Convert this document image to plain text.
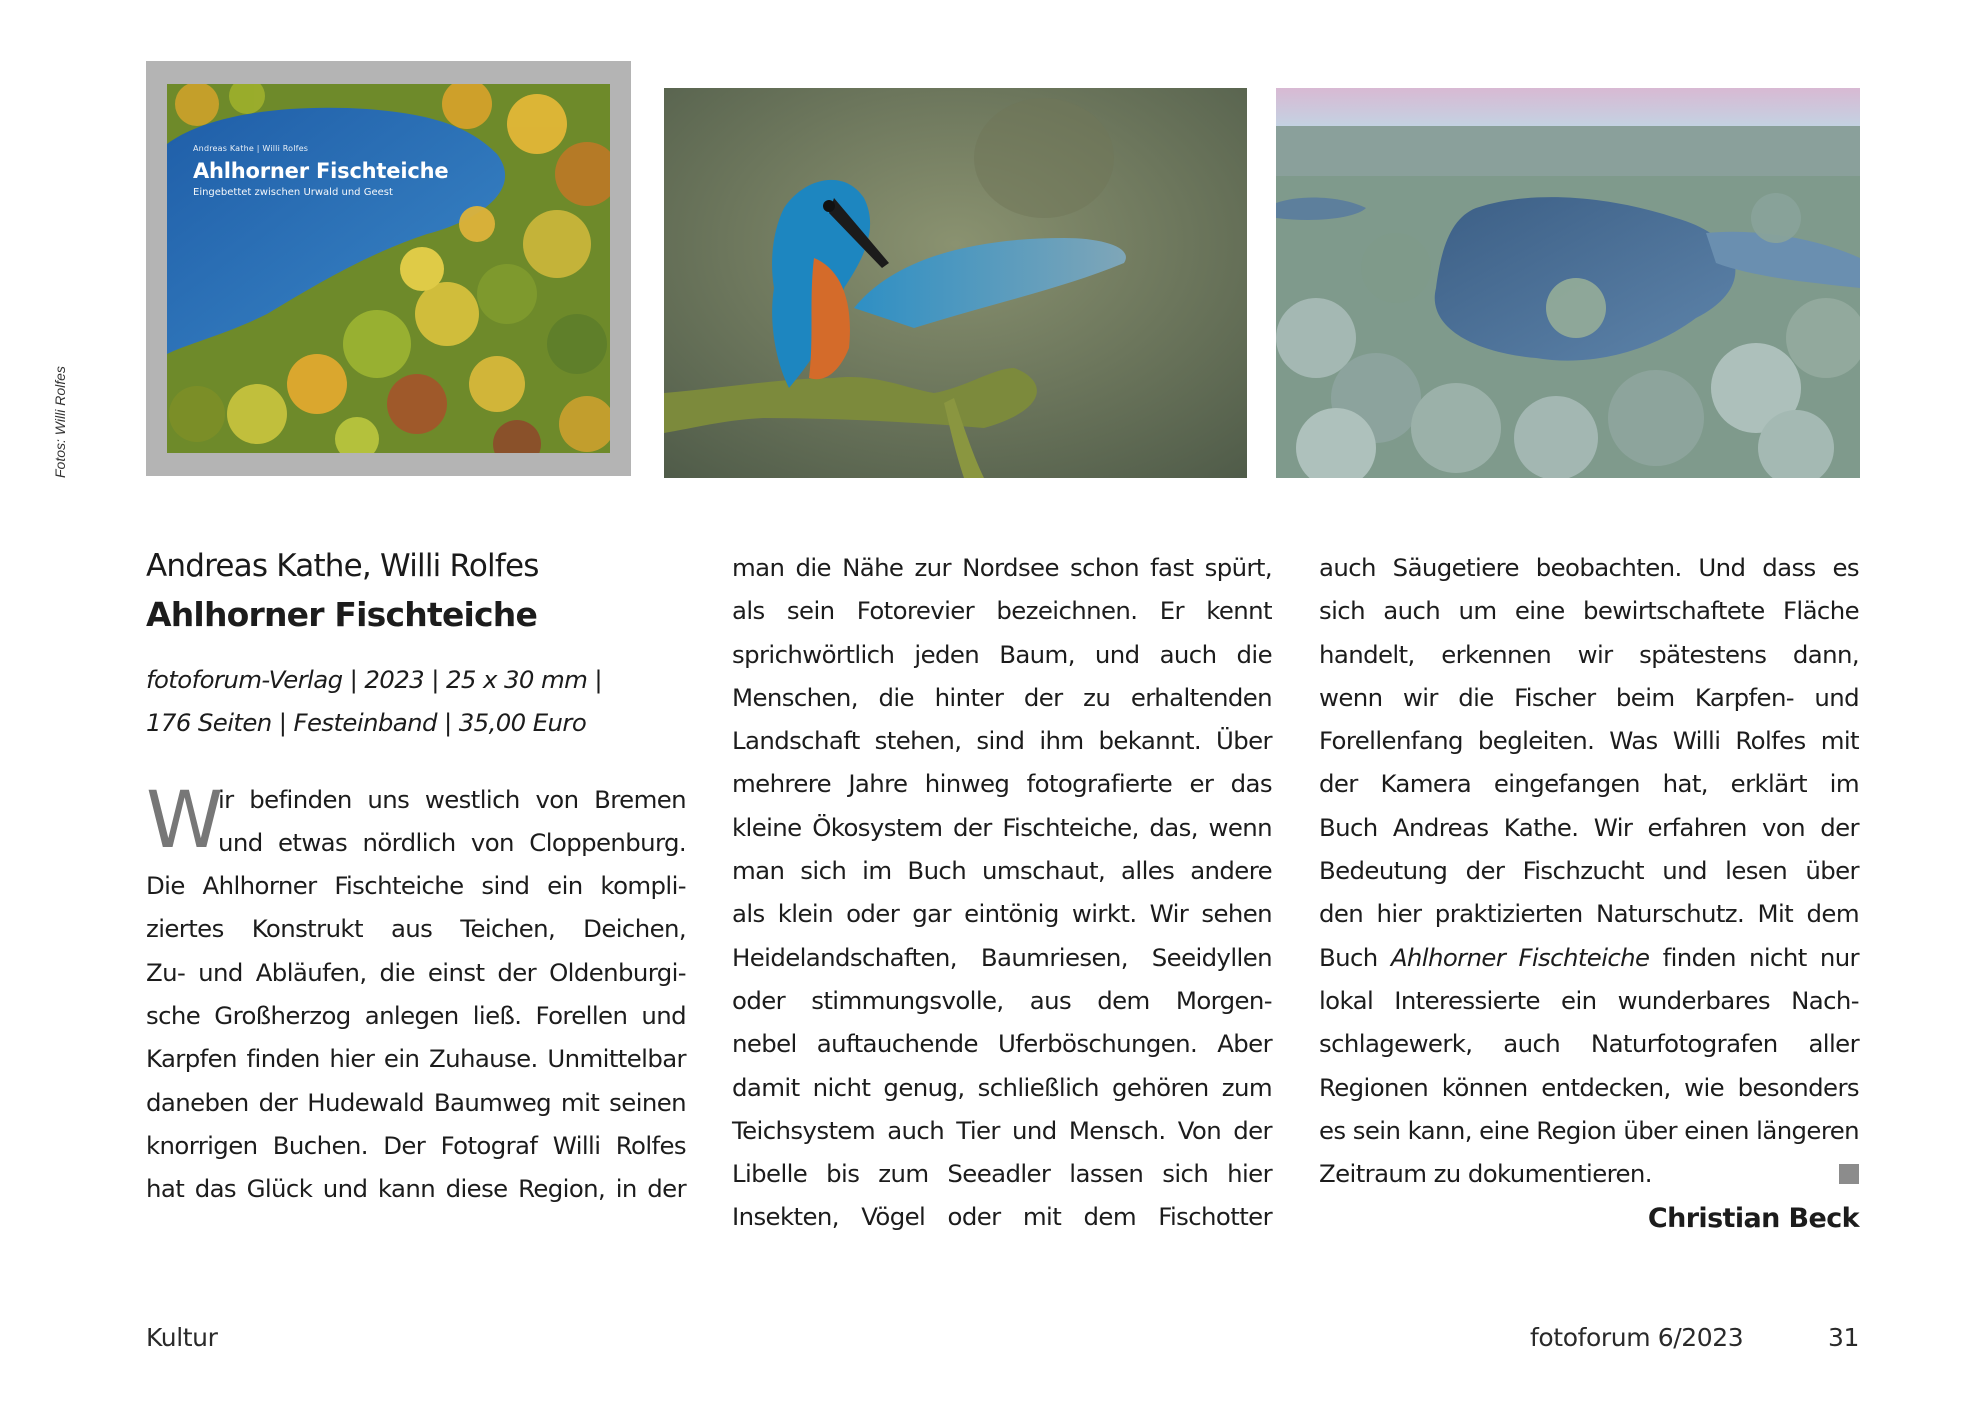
Andreas Kathe | Willi Rolfes
Ahlhorner Fischteiche
Eingebettet zwischen Urwald und Geest
Fotos: Willi Rolfes
Andreas Kathe, Willi Rolfes
Ahlhorner Fischteiche
fotoforum-Verlag | 2023 | 25 x 30 mm |
176 Seiten | Festeinband | 35,00 Euro
W
ir befinden uns westlich von Bremen
und etwas nördlich von Cloppenburg.
Die Ahlhorner Fischteiche sind ein kompli-
ziertes Konstrukt aus Teichen, Deichen,
Zu- und Abläufen, die einst der Oldenburgi-
sche Großherzog anlegen ließ. Forellen und
Karpfen finden hier ein Zuhause. Unmittelbar
daneben der Hudewald Baumweg mit seinen
knorrigen Buchen. Der Fotograf Willi Rolfes
hat das Glück und kann diese Region, in der
man die Nähe zur Nordsee schon fast spürt,
als sein Fotorevier bezeichnen. Er kennt
sprichwörtlich jeden Baum, und auch die
Menschen, die hinter der zu erhaltenden
Landschaft stehen, sind ihm bekannt. Über
mehrere Jahre hinweg fotografierte er das
kleine Ökosystem der Fischteiche, das, wenn
man sich im Buch umschaut, alles andere
als klein oder gar eintönig wirkt. Wir sehen
Heidelandschaften, Baumriesen, Seeidyllen
oder stimmungsvolle, aus dem Morgen-
nebel auftauchende Uferböschungen. Aber
damit nicht genug, schließlich gehören zum
Teichsystem auch Tier und Mensch. Von der
Libelle bis zum Seeadler lassen sich hier
Insekten, Vögel oder mit dem Fischotter
auch Säugetiere beobachten. Und dass es
sich auch um eine bewirtschaftete Fläche
handelt, erkennen wir spätestens dann,
wenn wir die Fischer beim Karpfen- und
Forellenfang begleiten. Was Willi Rolfes mit
der Kamera eingefangen hat, erklärt im
Buch Andreas Kathe. Wir erfahren von der
Bedeutung der Fischzucht und lesen über
den hier praktizierten Naturschutz. Mit dem
Buch Ahlhorner Fischteiche finden nicht nur
lokal Interessierte ein wunderbares Nach-
schlagewerk, auch Naturfotografen aller
Regionen können entdecken, wie besonders
es sein kann, eine Region über einen längeren
Zeitraum zu dokumentieren.
Christian Beck
Kultur	fotoforum 6/2023	31
